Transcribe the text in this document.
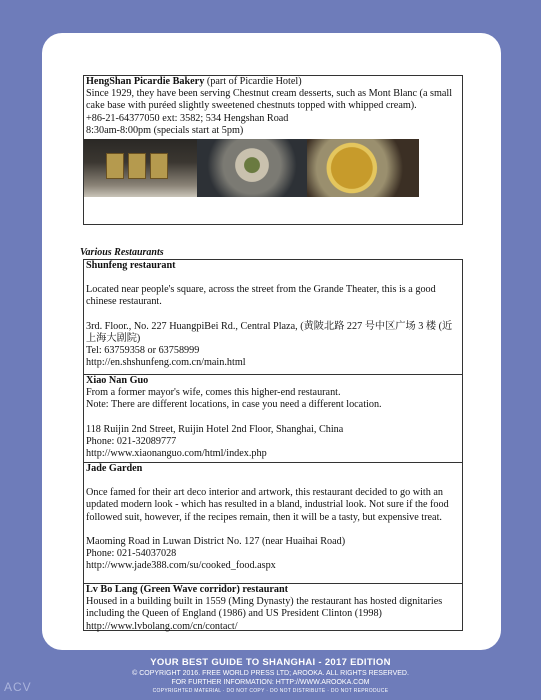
HengShan Picardie Bakery (part of Picardie Hotel)
Since 1929, they have been serving Chestnut cream desserts, such as Mont Blanc (a small cake base with puréed slightly sweetened chestnuts topped with whipped cream).
+86-21-64377050 ext: 3582; 534 Hengshan Road
8:30am-8:00pm (specials start at 5pm)
Various Restaurants
Shunfeng restaurant
Located near people's square, across the street from the Grande Theater, this is a good chinese restaurant.
3rd. Floor., No. 227 HuangpiBei Rd., Central Plaza, (黄陂北路 227 号中区广场 3 楼 (近上海大剧院)
Tel: 63759358 or 63758999
http://en.shshunfeng.com.cn/main.html
Xiao Nan Guo
From a former mayor's wife, comes this higher-end restaurant.
Note: There are different locations, in case you need a different location.
118 Ruijin 2nd Street, Ruijin Hotel 2nd Floor, Shanghai, China
Phone: 021-32089777
http://www.xiaonanguo.com/html/index.php
Jade Garden
Once famed for their art deco interior and artwork, this restaurant decided to go with an updated modern look - which has resulted in a bland, industrial look. Not sure if the food followed suit, however, if the recipes remain, then it will be a tasty, but expensive treat.
Maoming Road in Luwan District No. 127 (near Huaihai Road)
Phone: 021-54037028
http://www.jade388.com/su/cooked_food.aspx
Lv Bo Lang (Green Wave corridor) restaurant
Housed in a building built in 1559 (Ming Dynasty) the restaurant has hosted dignitaries including the Queen of England (1986) and US President Clinton (1998)
http://www.lvbolang.com/cn/contact/
YOUR BEST GUIDE TO SHANGHAI - 2017 EDITION
© COPYRIGHT 2016. FREE WORLD PRESS LTD; AROOKA. ALL RIGHTS RESERVED.
FOR FURTHER INFORMATION: HTTP://WWW.AROOKA.COM
COPYRIGHTED MATERIAL · DO NOT COPY · DO NOT DISTRIBUTE · DO NOT REPRODUCE
ACV
